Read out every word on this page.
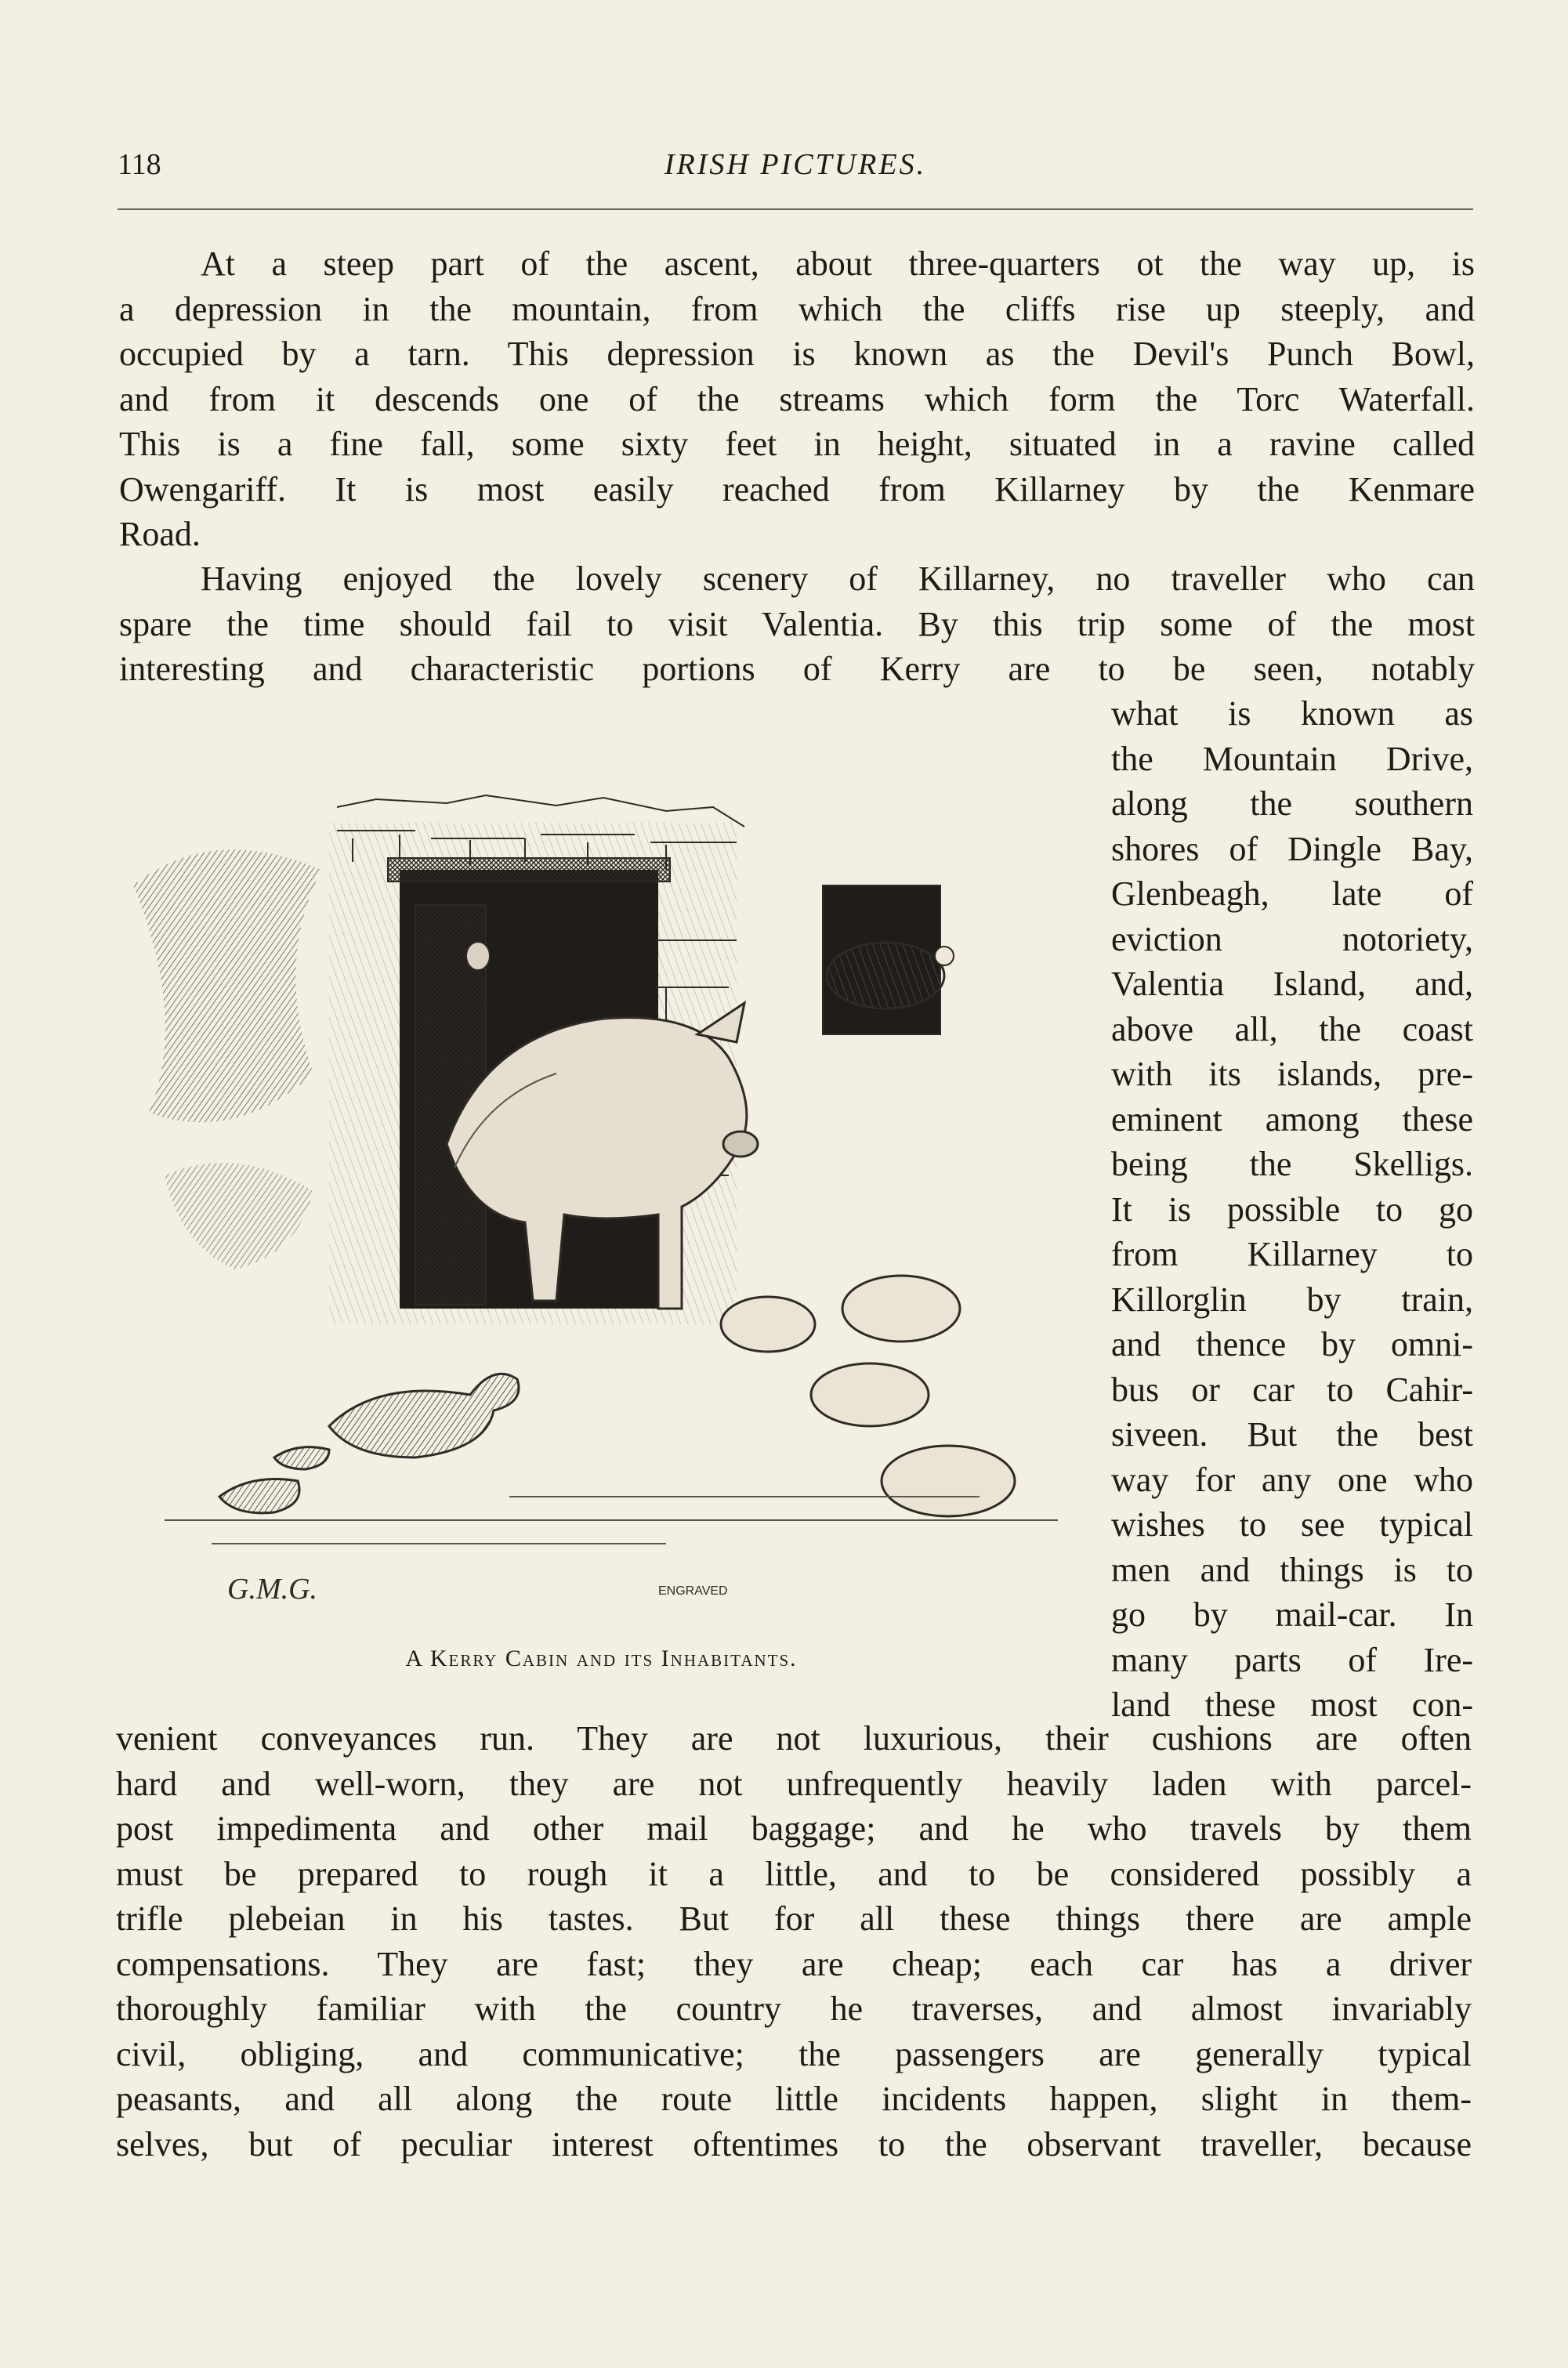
118	IRISH PICTURES.
At a steep part of the ascent, about three-quarters ot the way up, is
a depression in the mountain, from which the cliffs rise up steeply, and
occupied by a tarn. This depression is known as the Devil's Punch Bowl,
and from it descends one of the streams which form the Torc Waterfall.
This is a fine fall, some sixty feet in height, situated in a ravine called
Owengariff. It is most easily reached from Killarney by the Kenmare
Road.
Having enjoyed the lovely scenery of Killarney, no traveller who can
spare the time should fail to visit Valentia. By this trip some of the most
interesting and characteristic portions of Kerry are to be seen, notably
what is known as
the Mountain Drive,
along the southern
shores of Dingle Bay,
Glenbeagh, late of
eviction notoriety,
Valentia Island, and,
above all, the coast
with its islands, pre-
eminent among these
being the Skelligs.
It is possible to go
from Killarney to
Killorglin by train,
and thence by omni-
bus or car to Cahir-
siveen. But the best
way for any one who
wishes to see typical
men and things is to
go by mail-car. In
many parts of Ire-
land these most con-
G.M.G.	ENGRAVED
A Kerry Cabin and its Inhabitants.
venient conveyances run. They are not luxurious, their cushions are often
hard and well-worn, they are not unfrequently heavily laden with parcel-
post impedimenta and other mail baggage; and he who travels by them
must be prepared to rough it a little, and to be considered possibly a
trifle plebeian in his tastes. But for all these things there are ample
compensations. They are fast; they are cheap; each car has a driver
thoroughly familiar with the country he traverses, and almost invariably
civil, obliging, and communicative; the passengers are generally typical
peasants, and all along the route little incidents happen, slight in them-
selves, but of peculiar interest oftentimes to the observant traveller, because
